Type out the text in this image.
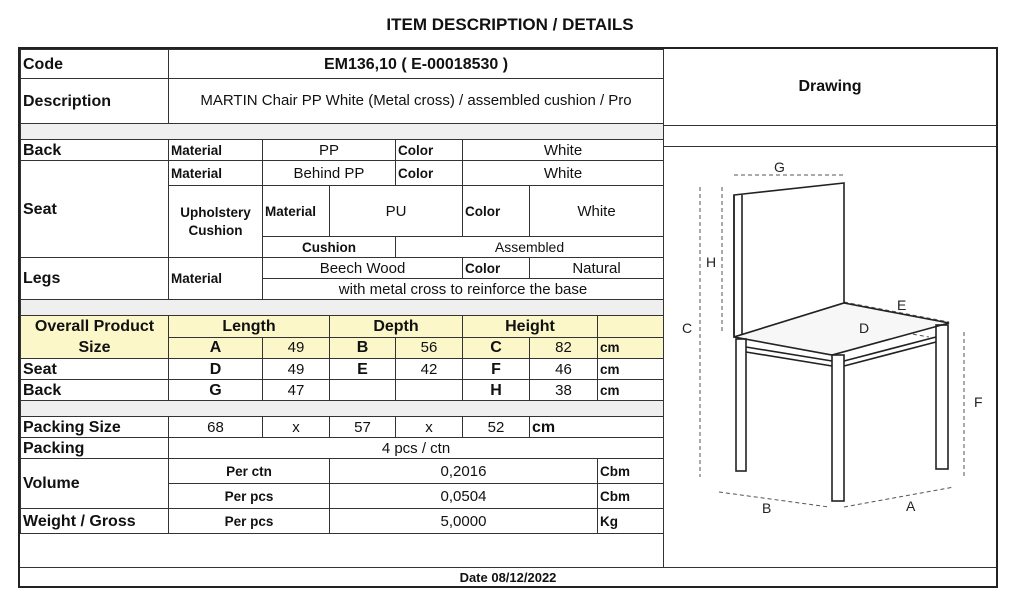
ITEM DESCRIPTION / DETAILS
Code	EM136,10 ( E-00018530 )						
Description	MARTIN Chair PP White (Metal cross) / assembled cushion / Pro						

Back	Material	PP		Color	White		
Seat	Material	Behind PP		Color	White		
	Upholstery Cushion	Material	PU		Color	White	
		Cushion		Assembled			
Legs	Material	Beech Wood			Color	Natural	
		with metal cross to reinforce the base					

Overall Product Size	Length		Depth		Height		
	A	49	B	56	C	82	cm
Seat	D	49	E	42	F	46	cm
Back	G	47			H	38	cm

Packing Size	68	x	57	x	52	cm	
Packing	4 pcs / ctn						
Volume	Per ctn		0,2016				Cbm
	Per pcs		0,0504				Cbm
Weight / Gross	Per pcs		5,0000				Kg
Drawing
G
H
C
E
D
F
B	A
Date 08/12/2022
